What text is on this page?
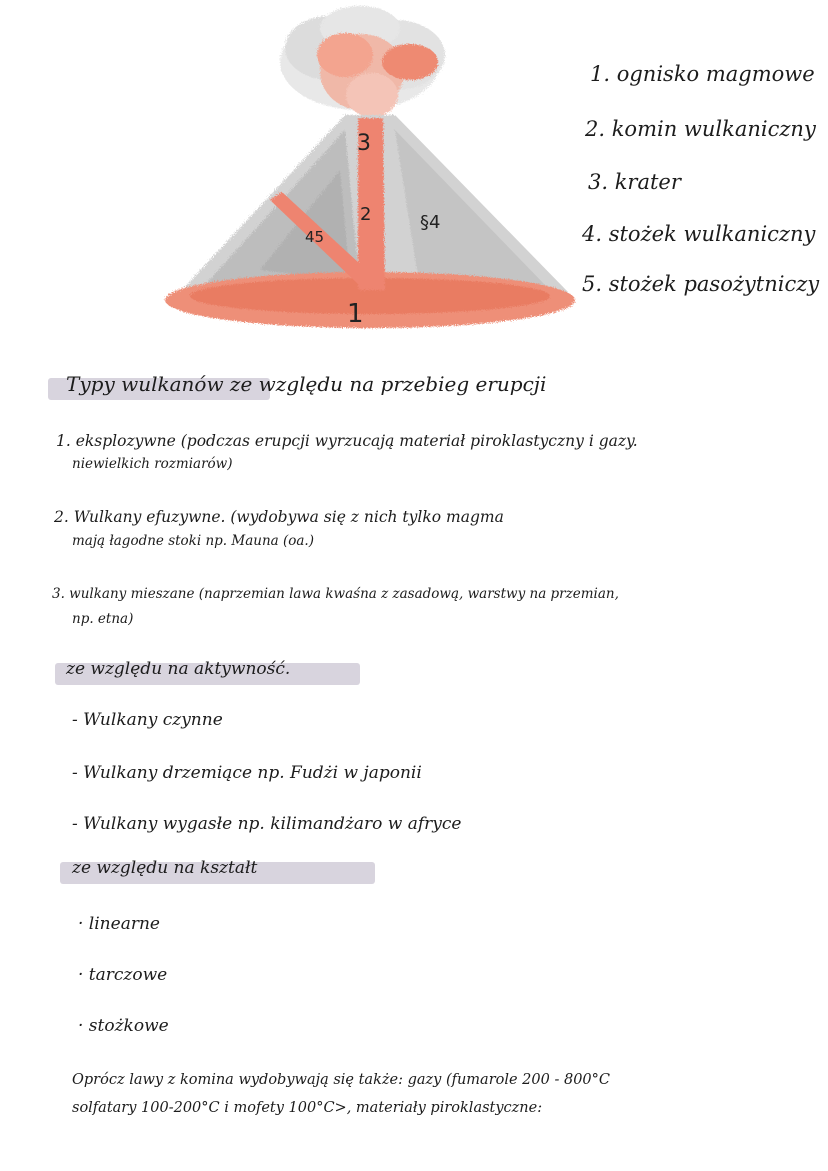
3
2	§4
45
1
1. ognisko magmowe
2. komin wulkaniczny
3. krater
4. stożek wulkaniczny
5. stożek pasożytniczy
Typy wulkanów ze względu na przebieg erupcji
1. eksplozywne (podczas erupcji wyrzucają materiał piroklastyczny i gazy.
niewielkich rozmiarów)
2. Wulkany efuzywne. (wydobywa się z nich tylko magma
mają łagodne stoki np. Mauna (oa.)
3. wulkany mieszane (naprzemian lawa kwaśna z zasadową, warstwy na przemian,
np. etna)
ze względu na aktywność.
- Wulkany czynne
- Wulkany drzemiące np. Fudżi w japonii
- Wulkany wygasłe np. kilimandżaro w afryce
ze względu na kształt
· linearne
· tarczowe
· stożkowe
Oprócz lawy z komina wydobywają się także: gazy (fumarole 200 - 800°C
solfatary 100-200°C i mofety 100°C>, materiały piroklastyczne:
